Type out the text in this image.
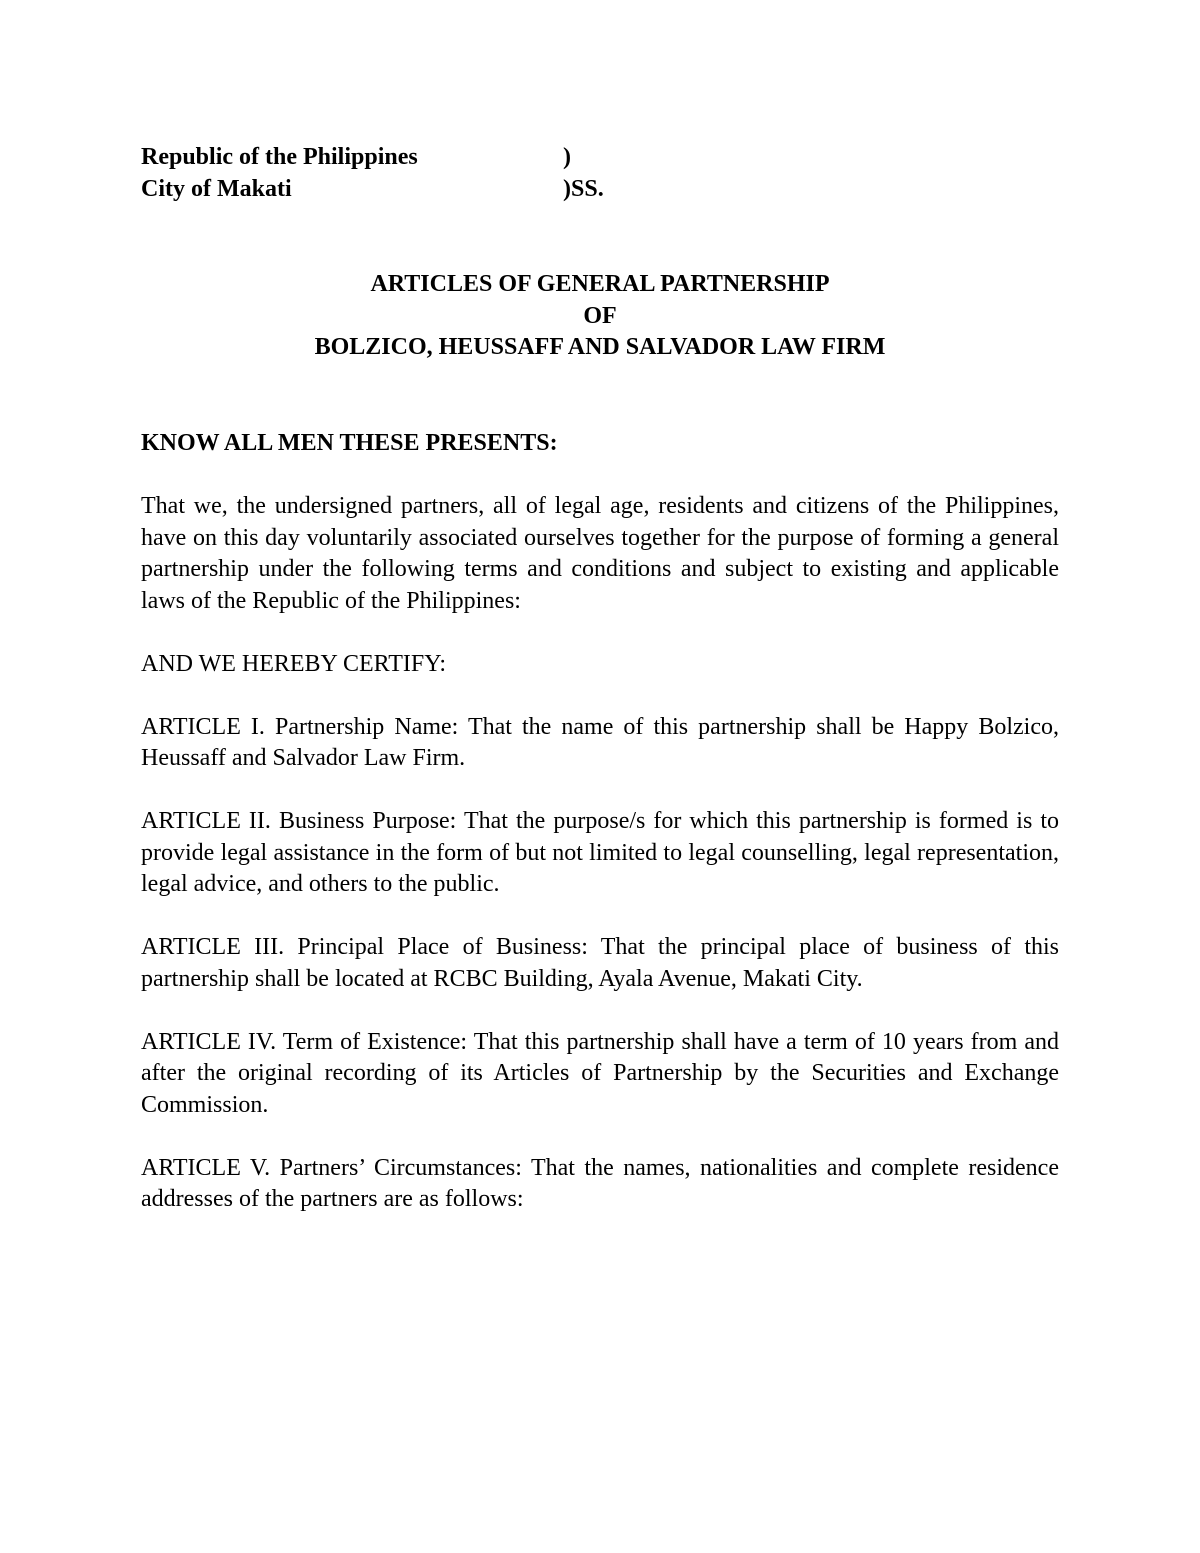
Republic of the Philippines	)
City of Makati	)SS.
ARTICLES OF GENERAL PARTNERSHIP
OF
BOLZICO, HEUSSAFF AND SALVADOR LAW FIRM

KNOW ALL MEN THESE PRESENTS:

That we, the undersigned partners, all of legal age, residents and citizens of the Philippines, have on this day voluntarily associated ourselves together for the purpose of forming a general partnership under the following terms and conditions and subject to existing and applicable laws of the Republic of the Philippines:

AND WE HEREBY CERTIFY:

ARTICLE I. Partnership Name: That the name of this partnership shall be Happy Bolzico, Heussaff and Salvador Law Firm.

ARTICLE II. Business Purpose: That the purpose/s for which this partnership is formed is to provide legal assistance in the form of but not limited to legal counselling, legal representation, legal advice, and others to the public.

ARTICLE III. Principal Place of Business: That the principal place of business of this partnership shall be located at RCBC Building, Ayala Avenue, Makati City.

ARTICLE IV. Term of Existence: That this partnership shall have a term of 10 years from and after the original recording of its Articles of Partnership by the Securities and Exchange Commission.

ARTICLE V. Partners’ Circumstances: That the names, nationalities and complete residence addresses of the partners are as follows:
